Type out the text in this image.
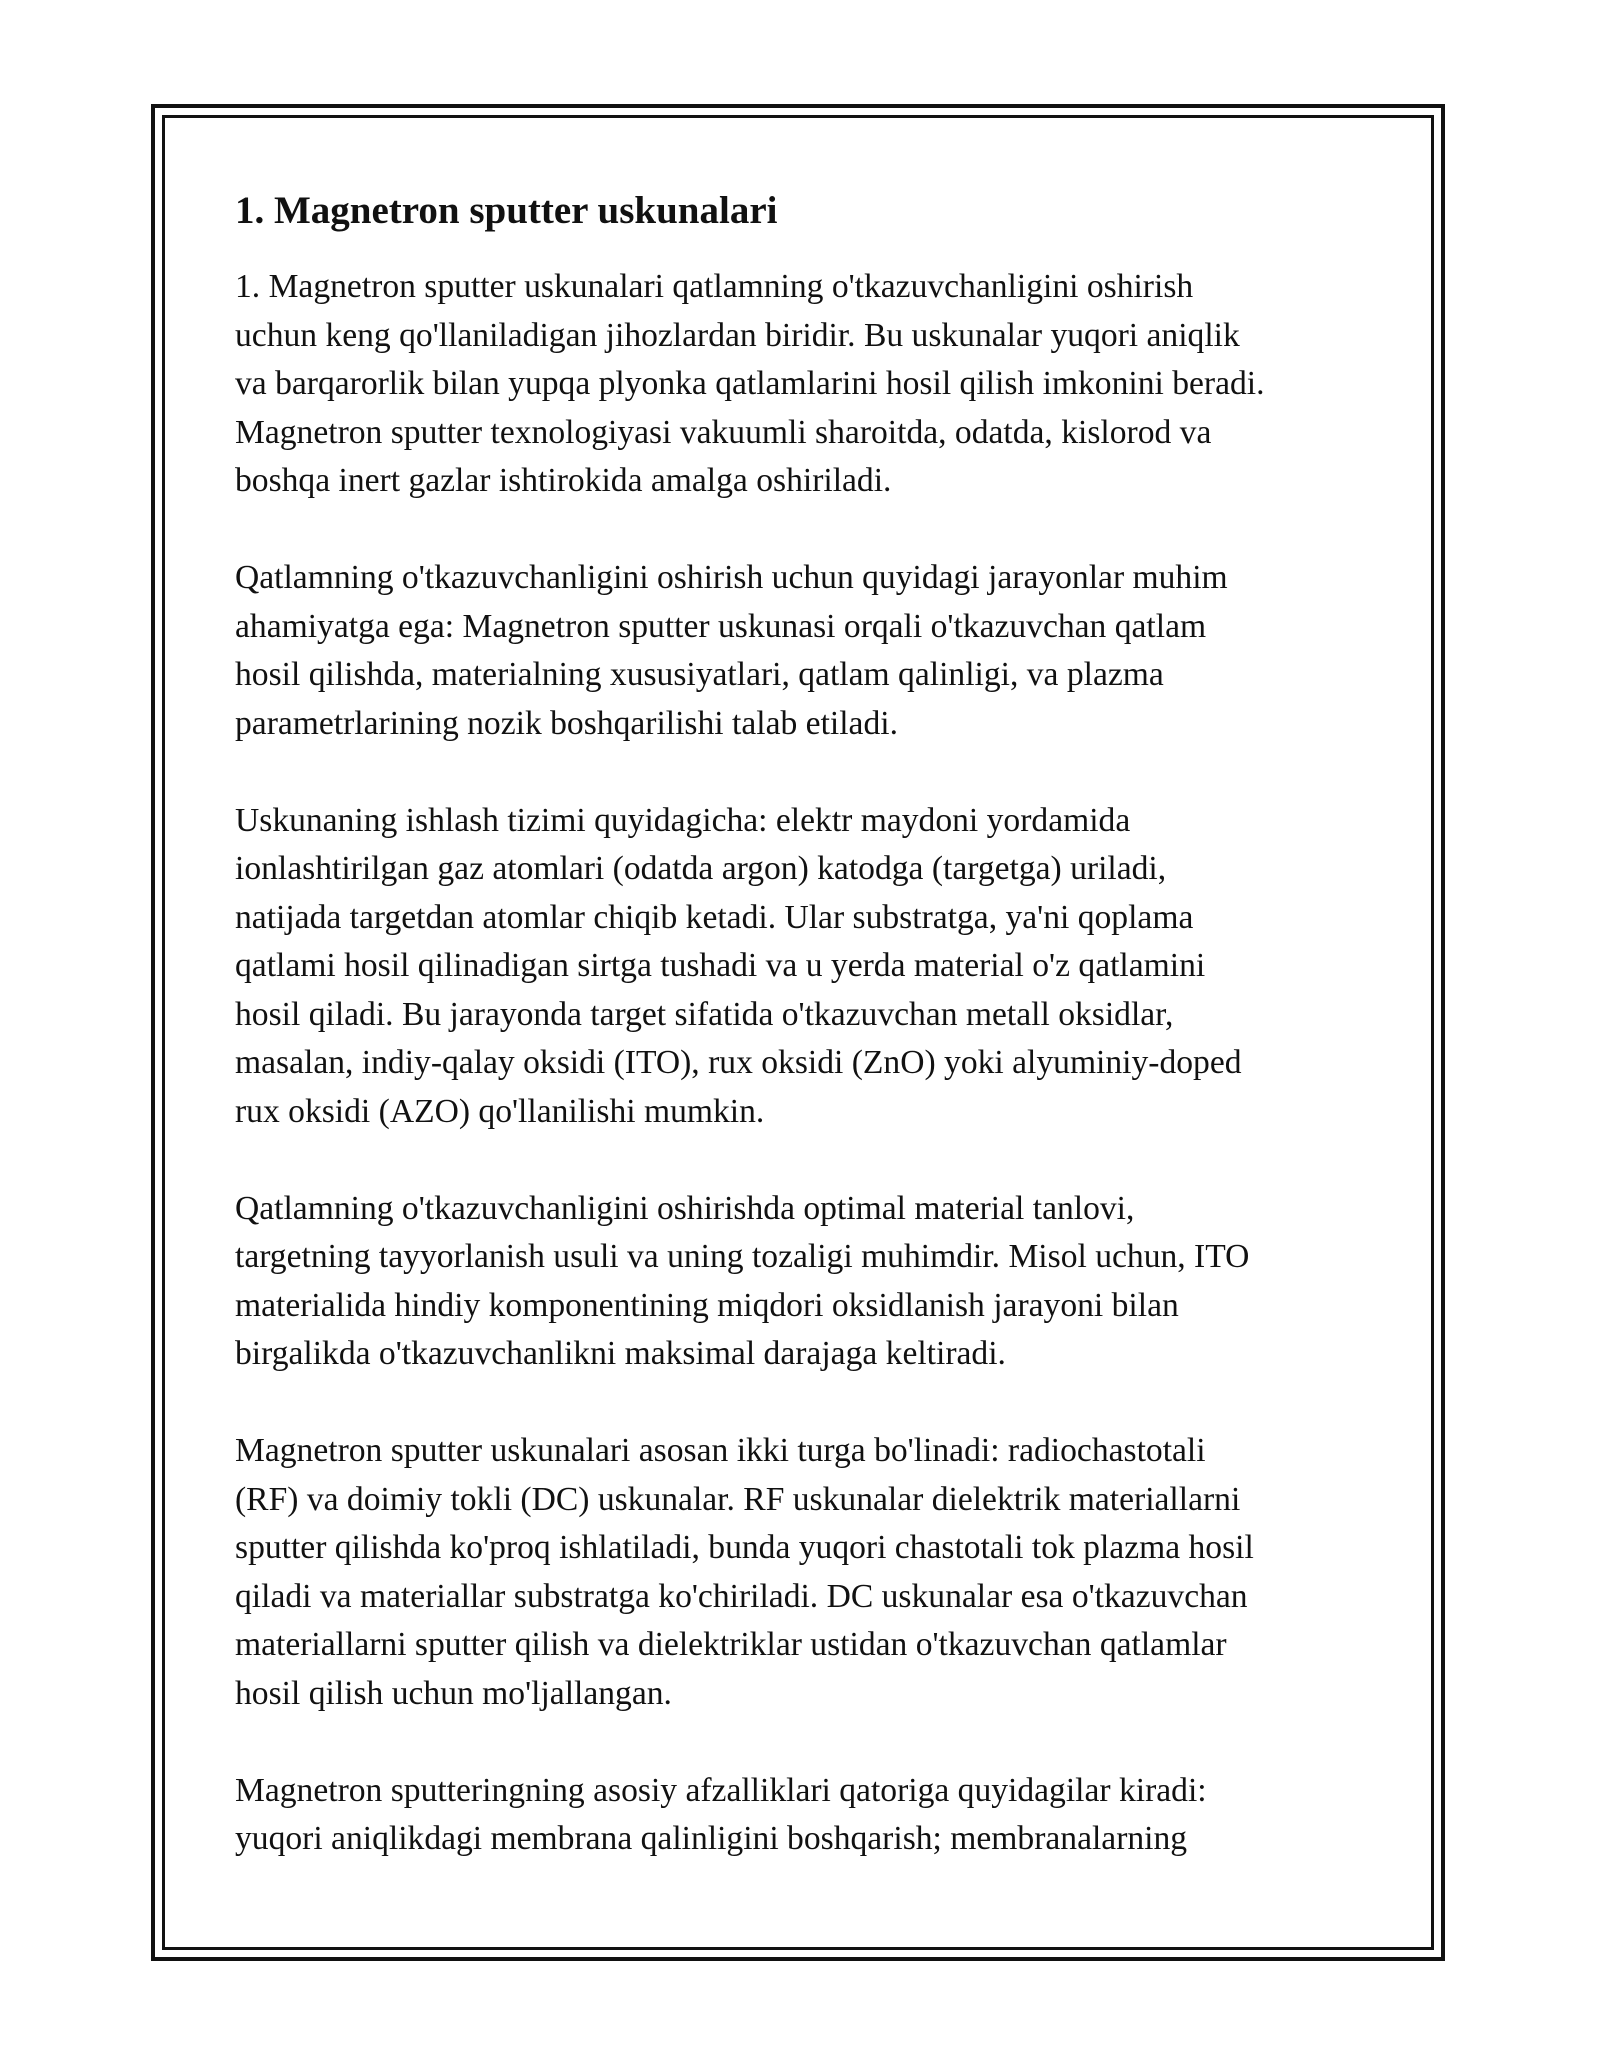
1. Magnetron sputter uskunalari

1. Magnetron sputter uskunalari qatlamning o'tkazuvchanligini oshirish
uchun keng qo'llaniladigan jihozlardan biridir. Bu uskunalar yuqori aniqlik
va barqarorlik bilan yupqa plyonka qatlamlarini hosil qilish imkonini beradi.
Magnetron sputter texnologiyasi vakuumli sharoitda, odatda, kislorod va
boshqa inert gazlar ishtirokida amalga oshiriladi.

Qatlamning o'tkazuvchanligini oshirish uchun quyidagi jarayonlar muhim
ahamiyatga ega: Magnetron sputter uskunasi orqali o'tkazuvchan qatlam
hosil qilishda, materialning xususiyatlari, qatlam qalinligi, va plazma
parametrlarining nozik boshqarilishi talab etiladi.

Uskunaning ishlash tizimi quyidagicha: elektr maydoni yordamida
ionlashtirilgan gaz atomlari (odatda argon) katodga (targetga) uriladi,
natijada targetdan atomlar chiqib ketadi. Ular substratga, ya'ni qoplama
qatlami hosil qilinadigan sirtga tushadi va u yerda material o'z qatlamini
hosil qiladi. Bu jarayonda target sifatida o'tkazuvchan metall oksidlar,
masalan, indiy-qalay oksidi (ITO), rux oksidi (ZnO) yoki alyuminiy-doped
rux oksidi (AZO) qo'llanilishi mumkin.

Qatlamning o'tkazuvchanligini oshirishda optimal material tanlovi,
targetning tayyorlanish usuli va uning tozaligi muhimdir. Misol uchun, ITO
materialida hindiy komponentining miqdori oksidlanish jarayoni bilan
birgalikda o'tkazuvchanlikni maksimal darajaga keltiradi.

Magnetron sputter uskunalari asosan ikki turga bo'linadi: radiochastotali
(RF) va doimiy tokli (DC) uskunalar. RF uskunalar dielektrik materiallarni
sputter qilishda ko'proq ishlatiladi, bunda yuqori chastotali tok plazma hosil
qiladi va materiallar substratga ko'chiriladi. DC uskunalar esa o'tkazuvchan
materiallarni sputter qilish va dielektriklar ustidan o'tkazuvchan qatlamlar
hosil qilish uchun mo'ljallangan.

Magnetron sputteringning asosiy afzalliklari qatoriga quyidagilar kiradi:
yuqori aniqlikdagi membrana qalinligini boshqarish; membranalarning
